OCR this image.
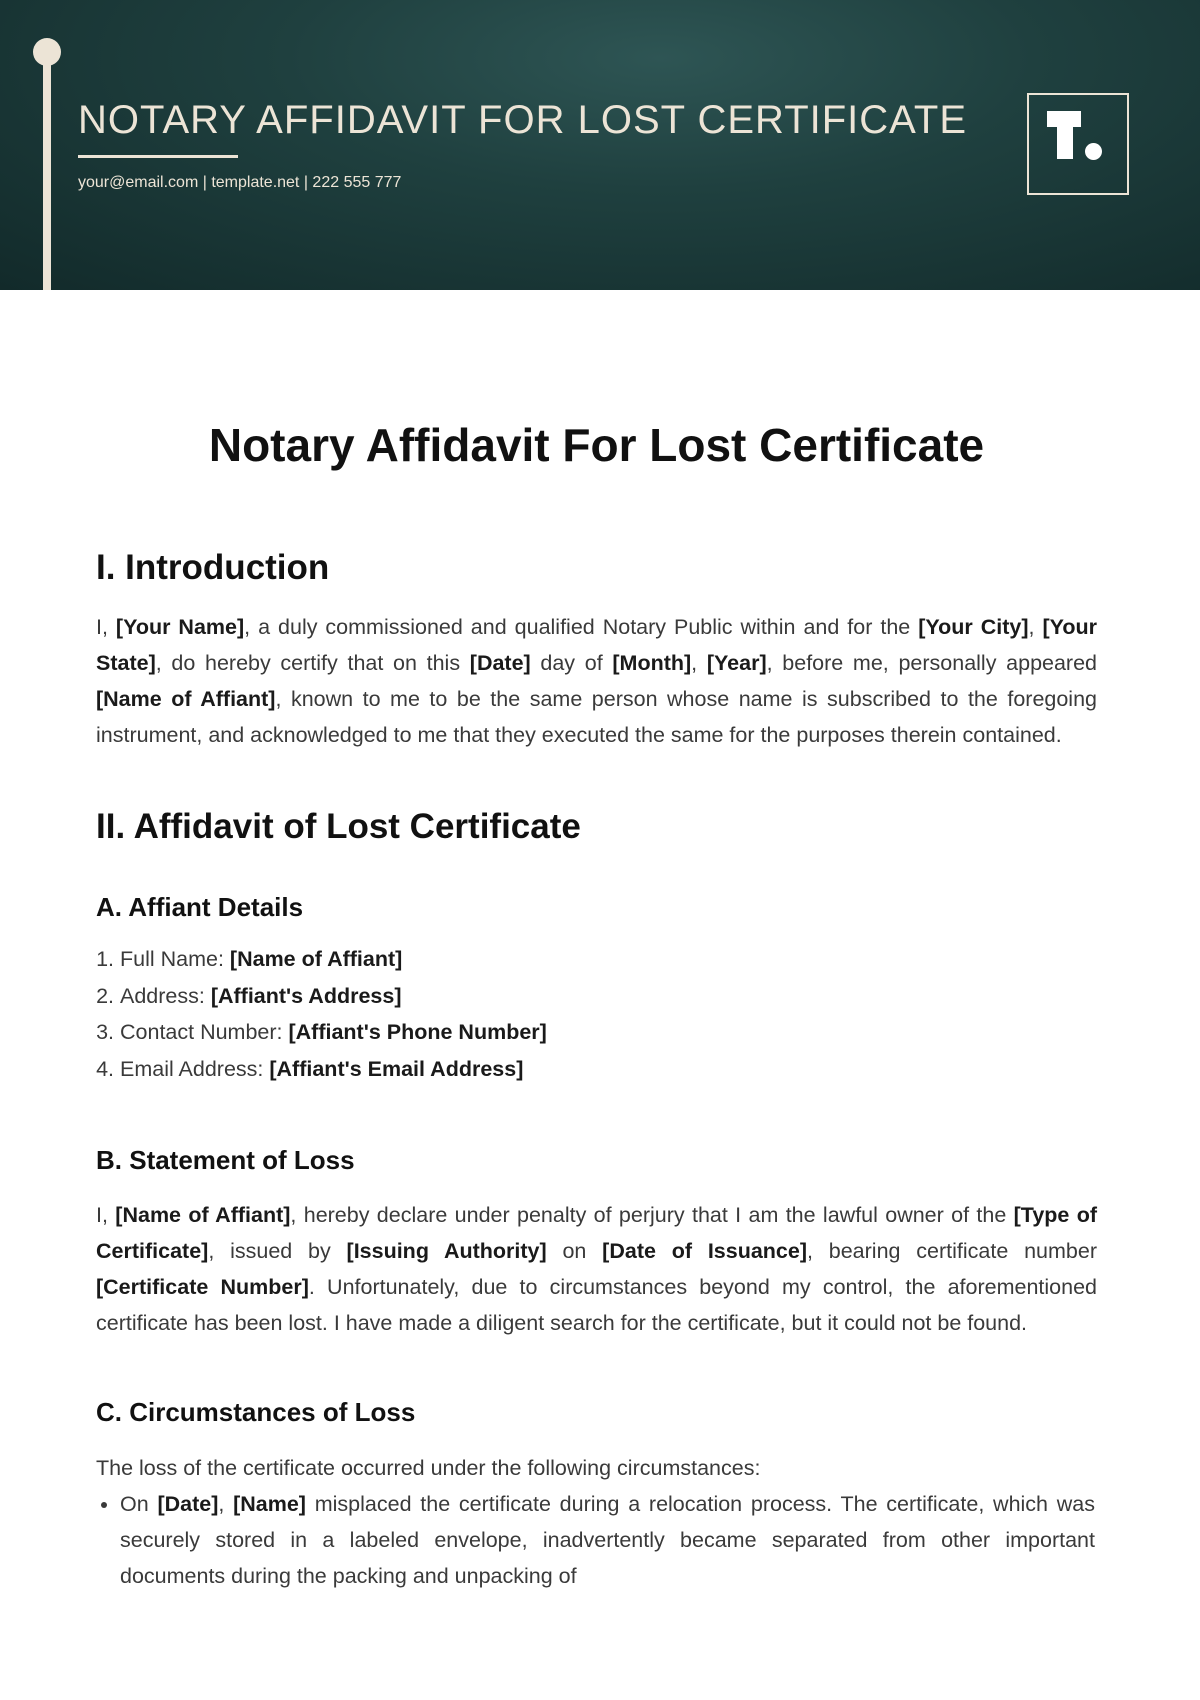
NOTARY AFFIDAVIT FOR LOST CERTIFICATE
your@email.com | template.net | 222 555 777
Notary Affidavit For Lost Certificate
I. Introduction

I, [Your Name], a duly commissioned and qualified Notary Public within and for the [Your City], [Your State], do hereby certify that on this [Date] day of [Month], [Year], before me, personally appeared [Name of Affiant], known to me to be the same person whose name is subscribed to the foregoing instrument, and acknowledged to me that they executed the same for the purposes therein contained.

II. Affidavit of Lost Certificate
A. Affiant Details
1. Full Name: [Name of Affiant]
2. Address: [Affiant's Address]
3. Contact Number: [Affiant's Phone Number]
4. Email Address: [Affiant's Email Address]
B. Statement of Loss

I, [Name of Affiant], hereby declare under penalty of perjury that I am the lawful owner of the [Type of Certificate], issued by [Issuing Authority] on [Date of Issuance], bearing certificate number [Certificate Number]. Unfortunately, due to circumstances beyond my control, the aforementioned certificate has been lost. I have made a diligent search for the certificate, but it could not be found.

C. Circumstances of Loss

The loss of the certificate occurred under the following circumstances:

• On [Date], [Name] misplaced the certificate during a relocation process. The certificate, which was securely stored in a labeled envelope, inadvertently became separated from other important documents during the packing and unpacking of
